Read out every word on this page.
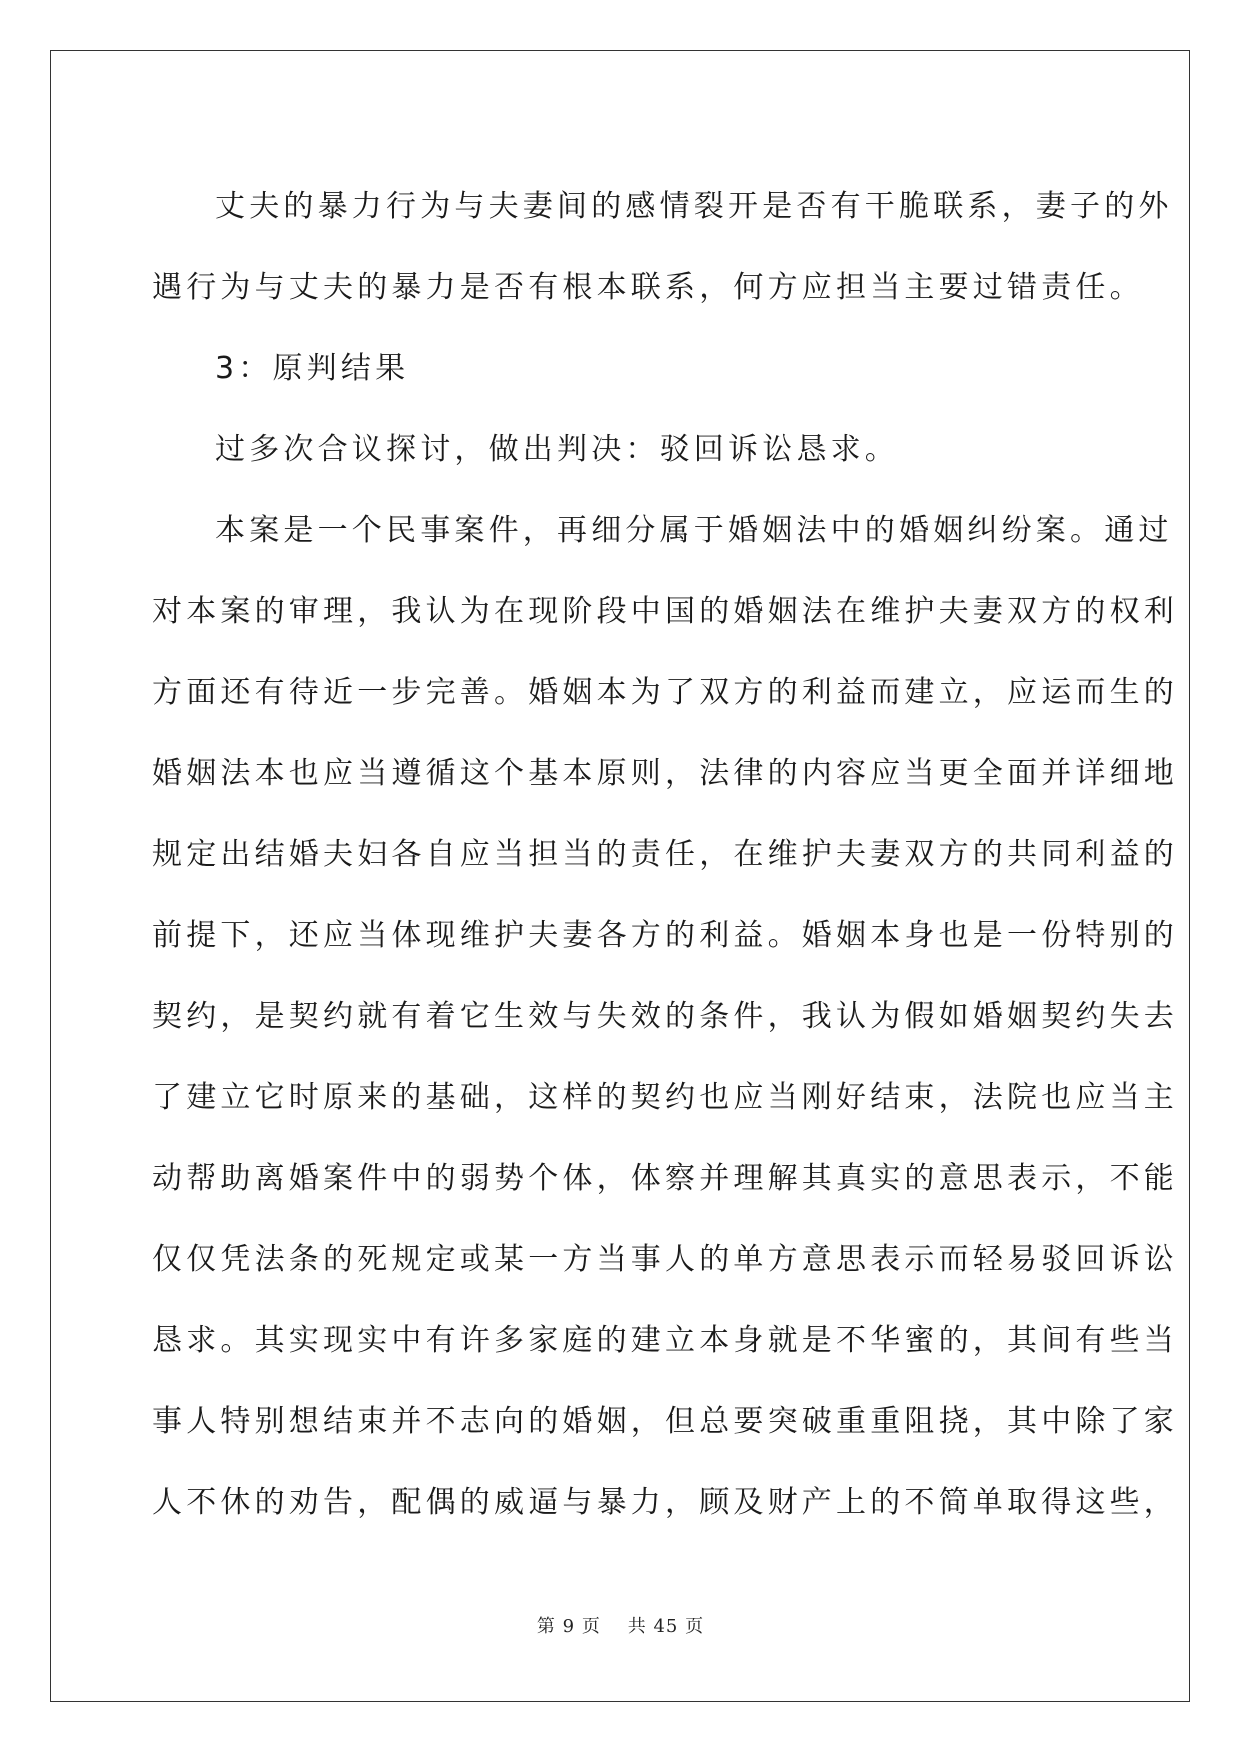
丈夫的暴力行为与夫妻间的感情裂开是否有干脆联系，妻子的外
遇行为与丈夫的暴力是否有根本联系，何方应担当主要过错责任。
3：原判结果
过多次合议探讨，做出判决：驳回诉讼恳求。
本案是一个民事案件，再细分属于婚姻法中的婚姻纠纷案。通过
对本案的审理，我认为在现阶段中国的婚姻法在维护夫妻双方的权利
方面还有待近一步完善。婚姻本为了双方的利益而建立，应运而生的
婚姻法本也应当遵循这个基本原则，法律的内容应当更全面并详细地
规定出结婚夫妇各自应当担当的责任，在维护夫妻双方的共同利益的
前提下，还应当体现维护夫妻各方的利益。婚姻本身也是一份特别的
契约，是契约就有着它生效与失效的条件，我认为假如婚姻契约失去
了建立它时原来的基础，这样的契约也应当刚好结束，法院也应当主
动帮助离婚案件中的弱势个体，体察并理解其真实的意思表示，不能
仅仅凭法条的死规定或某一方当事人的单方意思表示而轻易驳回诉讼
恳求。其实现实中有许多家庭的建立本身就是不华蜜的，其间有些当
事人特别想结束并不志向的婚姻，但总要突破重重阻挠，其中除了家
人不休的劝告，配偶的威逼与暴力，顾及财产上的不简单取得这些，
第 9 页 共 45 页
